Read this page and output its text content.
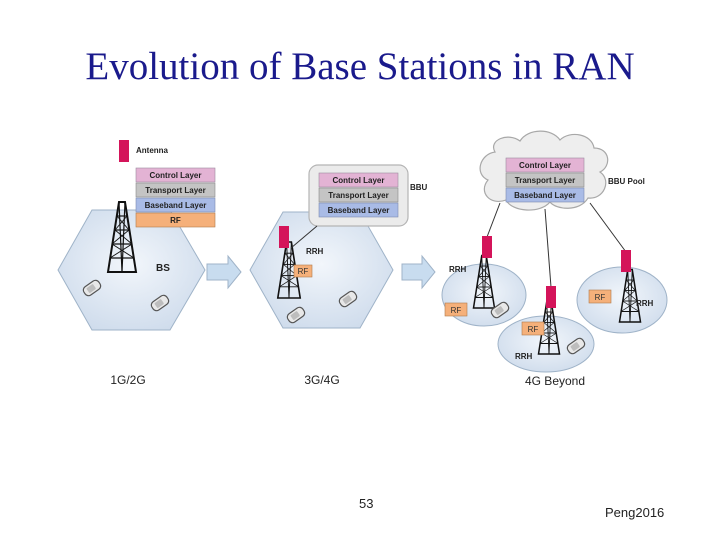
Evolution of Base Stations in RAN
Antenna
BS
Control Layer
Transport Layer
Baseband Layer
RF
1G/2G
RRH
RF
Control Layer
Transport Layer
Baseband Layer
BBU
3G/4G
Control Layer
Transport Layer
Baseband Layer
BBU Pool
RRH
RF
RRH
RF
RF
RRH
4G Beyond
53
Peng2016
